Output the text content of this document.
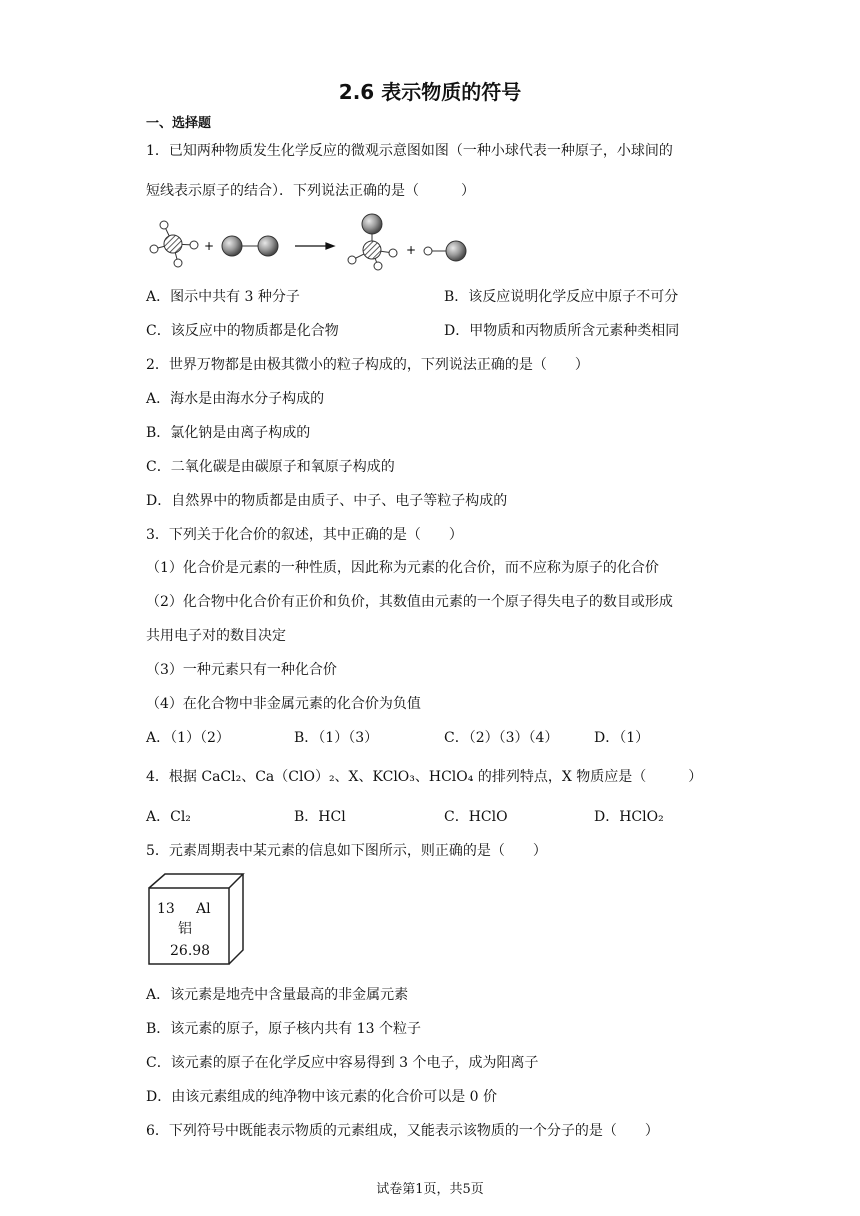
2.6 表示物质的符号
一、选择题
1．已知两种物质发生化学反应的微观示意图如图（一种小球代表一种原子，小球间的
短线表示原子的结合）．下列说法正确的是（　　　）
+	+
A．图示中共有 3 种分子	B．该反应说明化学反应中原子不可分
C．该反应中的物质都是化合物	D．甲物质和丙物质所含元素种类相同
2．世界万物都是由极其微小的粒子构成的，下列说法正确的是（　　）
A．海水是由海水分子构成的
B．氯化钠是由离子构成的
C．二氧化碳是由碳原子和氧原子构成的
D．自然界中的物质都是由质子、中子、电子等粒子构成的
3．下列关于化合价的叙述，其中正确的是（　　）
（1）化合价是元素的一种性质，因此称为元素的化合价，而不应称为原子的化合价
（2）化合物中化合价有正价和负价，其数值由元素的一个原子得失电子的数目或形成
共用电子对的数目决定
（3）一种元素只有一种化合价
（4）在化合物中非金属元素的化合价为负值
A．（1）（2）	B．（1）（3）	C．（2）（3）（4）	D．（1）
4．根据 CaCl₂、Ca（ClO）₂、X、KClO₃、HClO₄ 的排列特点，X 物质应是（　　　）
A．Cl₂	B．HCl	C．HClO	D．HClO₂
5．元素周期表中某元素的信息如下图所示，则正确的是（　　）
13 Al
铝
26.98
A．该元素是地壳中含量最高的非金属元素
B．该元素的原子，原子核内共有 13 个粒子
C．该元素的原子在化学反应中容易得到 3 个电子，成为阳离子
D．由该元素组成的纯净物中该元素的化合价可以是 0 价
6．下列符号中既能表示物质的元素组成，又能表示该物质的一个分子的是（　　）
试卷第1页，共5页
